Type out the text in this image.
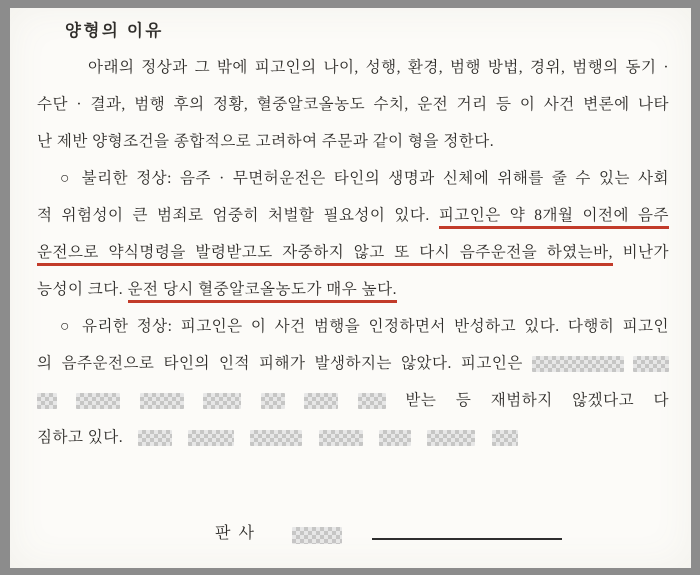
양형의 이유
아래의 정상과 그 밖에 피고인의 나이, 성행, 환경, 범행 방법, 경위, 범행의 동기 ·
수단 · 결과, 범행 후의 정황, 혈중알코올농도 수치, 운전 거리 등 이 사건 변론에 나타
난 제반 양형조건을 종합적으로 고려하여 주문과 같이 형을 정한다.
○ 불리한 정상: 음주 · 무면허운전은 타인의 생명과 신체에 위해를 줄 수 있는 사회
적 위험성이 큰 범죄로 엄중히 처벌할 필요성이 있다. 피고인은 약 8개월 이전에 음주
운전으로 약식명령을 발령받고도 자중하지 않고 또 다시 음주운전을 하였는바, 비난가
능성이 크다. 운전 당시 혈중알코올농도가 매우 높다.
○ 유리한 정상: 피고인은 이 사건 범행을 인정하면서 반성하고 있다. 다행히 피고인
의 음주운전으로 타인의 인적 피해가 발생하지는 않았다. 피고인은
받는 등 재범하지 않겠다고 다
짐하고 있다.
판사
